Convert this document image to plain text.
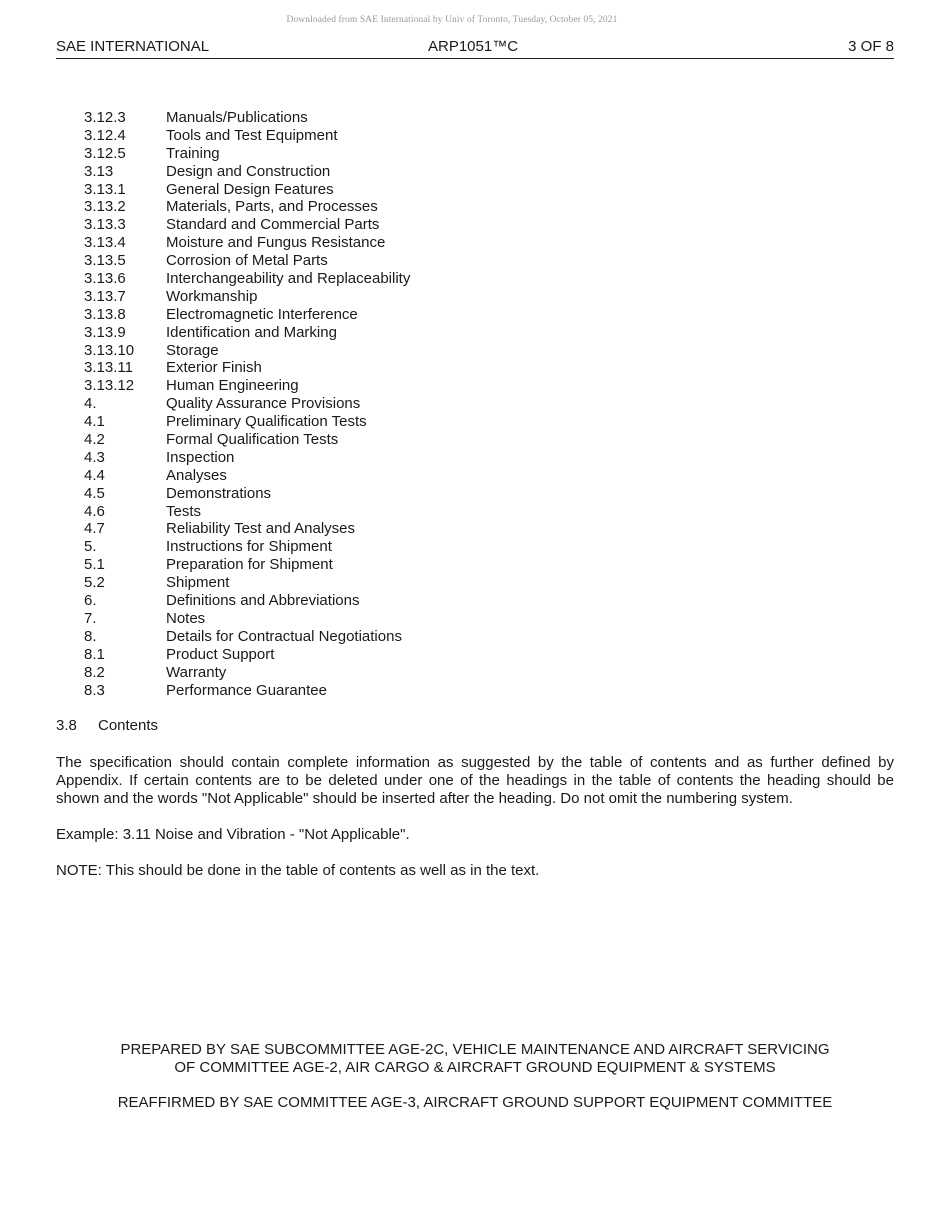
Downloaded from SAE International by Univ of Toronto, Tuesday, October 05, 2021
SAE INTERNATIONAL	ARP1051™C	3 OF 8
3.12.3	Manuals/Publications
3.12.4	Tools and Test Equipment
3.12.5	Training
3.13	Design and Construction
3.13.1	General Design Features
3.13.2	Materials, Parts, and Processes
3.13.3	Standard and Commercial Parts
3.13.4	Moisture and Fungus Resistance
3.13.5	Corrosion of Metal Parts
3.13.6	Interchangeability and Replaceability
3.13.7	Workmanship
3.13.8	Electromagnetic Interference
3.13.9	Identification and Marking
3.13.10 Storage
3.13.11 Exterior Finish
3.13.12 Human Engineering
4.	Quality Assurance Provisions
4.1	Preliminary Qualification Tests
4.2	Formal Qualification Tests
4.3	Inspection
4.4	Analyses
4.5	Demonstrations
4.6	Tests
4.7	Reliability Test and Analyses
5.	Instructions for Shipment
5.1	Preparation for Shipment
5.2	Shipment
6.	Definitions and Abbreviations
7.	Notes
8.	Details for Contractual Negotiations
8.1	Product Support
8.2	Warranty
8.3	Performance Guarantee
3.8 Contents
The specification should contain complete information as suggested by the table of contents and as further defined by Appendix. If certain contents are to be deleted under one of the headings in the table of contents the heading should be shown and the words "Not Applicable" should be inserted after the heading. Do not omit the numbering system.
Example: 3.11 Noise and Vibration - "Not Applicable".
NOTE: This should be done in the table of contents as well as in the text.
PREPARED BY SAE SUBCOMMITTEE AGE-2C, VEHICLE MAINTENANCE AND AIRCRAFT SERVICING
OF COMMITTEE AGE-2, AIR CARGO & AIRCRAFT GROUND EQUIPMENT & SYSTEMS
REAFFIRMED BY SAE COMMITTEE AGE-3, AIRCRAFT GROUND SUPPORT EQUIPMENT COMMITTEE
